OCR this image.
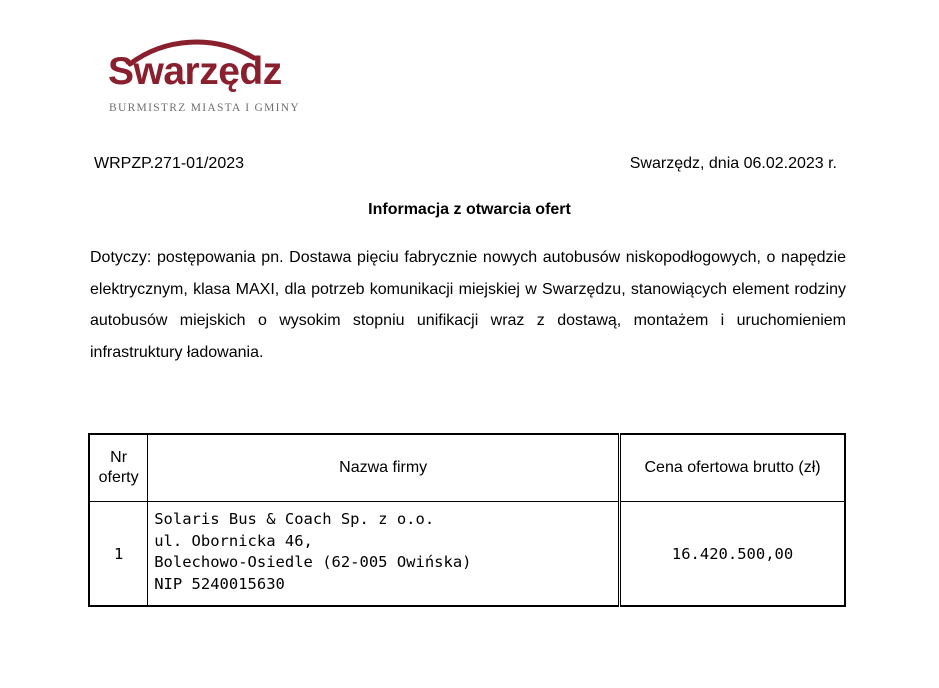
Swarzędz
BURMISTRZ MIASTA I GMINY
WRPZP.271-01/2023	Swarzędz, dnia 06.02.2023 r.
Informacja z otwarcia ofert

Dotyczy: postępowania pn. Dostawa pięciu fabrycznie nowych autobusów niskopodłogowych, o napędzie elektrycznym, klasa MAXI, dla potrzeb komunikacji miejskiej w Swarzędzu, stanowiących element rodziny autobusów miejskich o wysokim stopniu unifikacji wraz z dostawą, montażem i uruchomieniem infrastruktury ładowania.

Nr
oferty	Nazwa firmy	Cena ofertowa brutto (zł)
1	Solaris Bus & Coach Sp. z o.o.
ul. Obornicka 46,
Bolechowo-Osiedle (62-005 Owińska)
NIP 5240015630	16.420.500,00
